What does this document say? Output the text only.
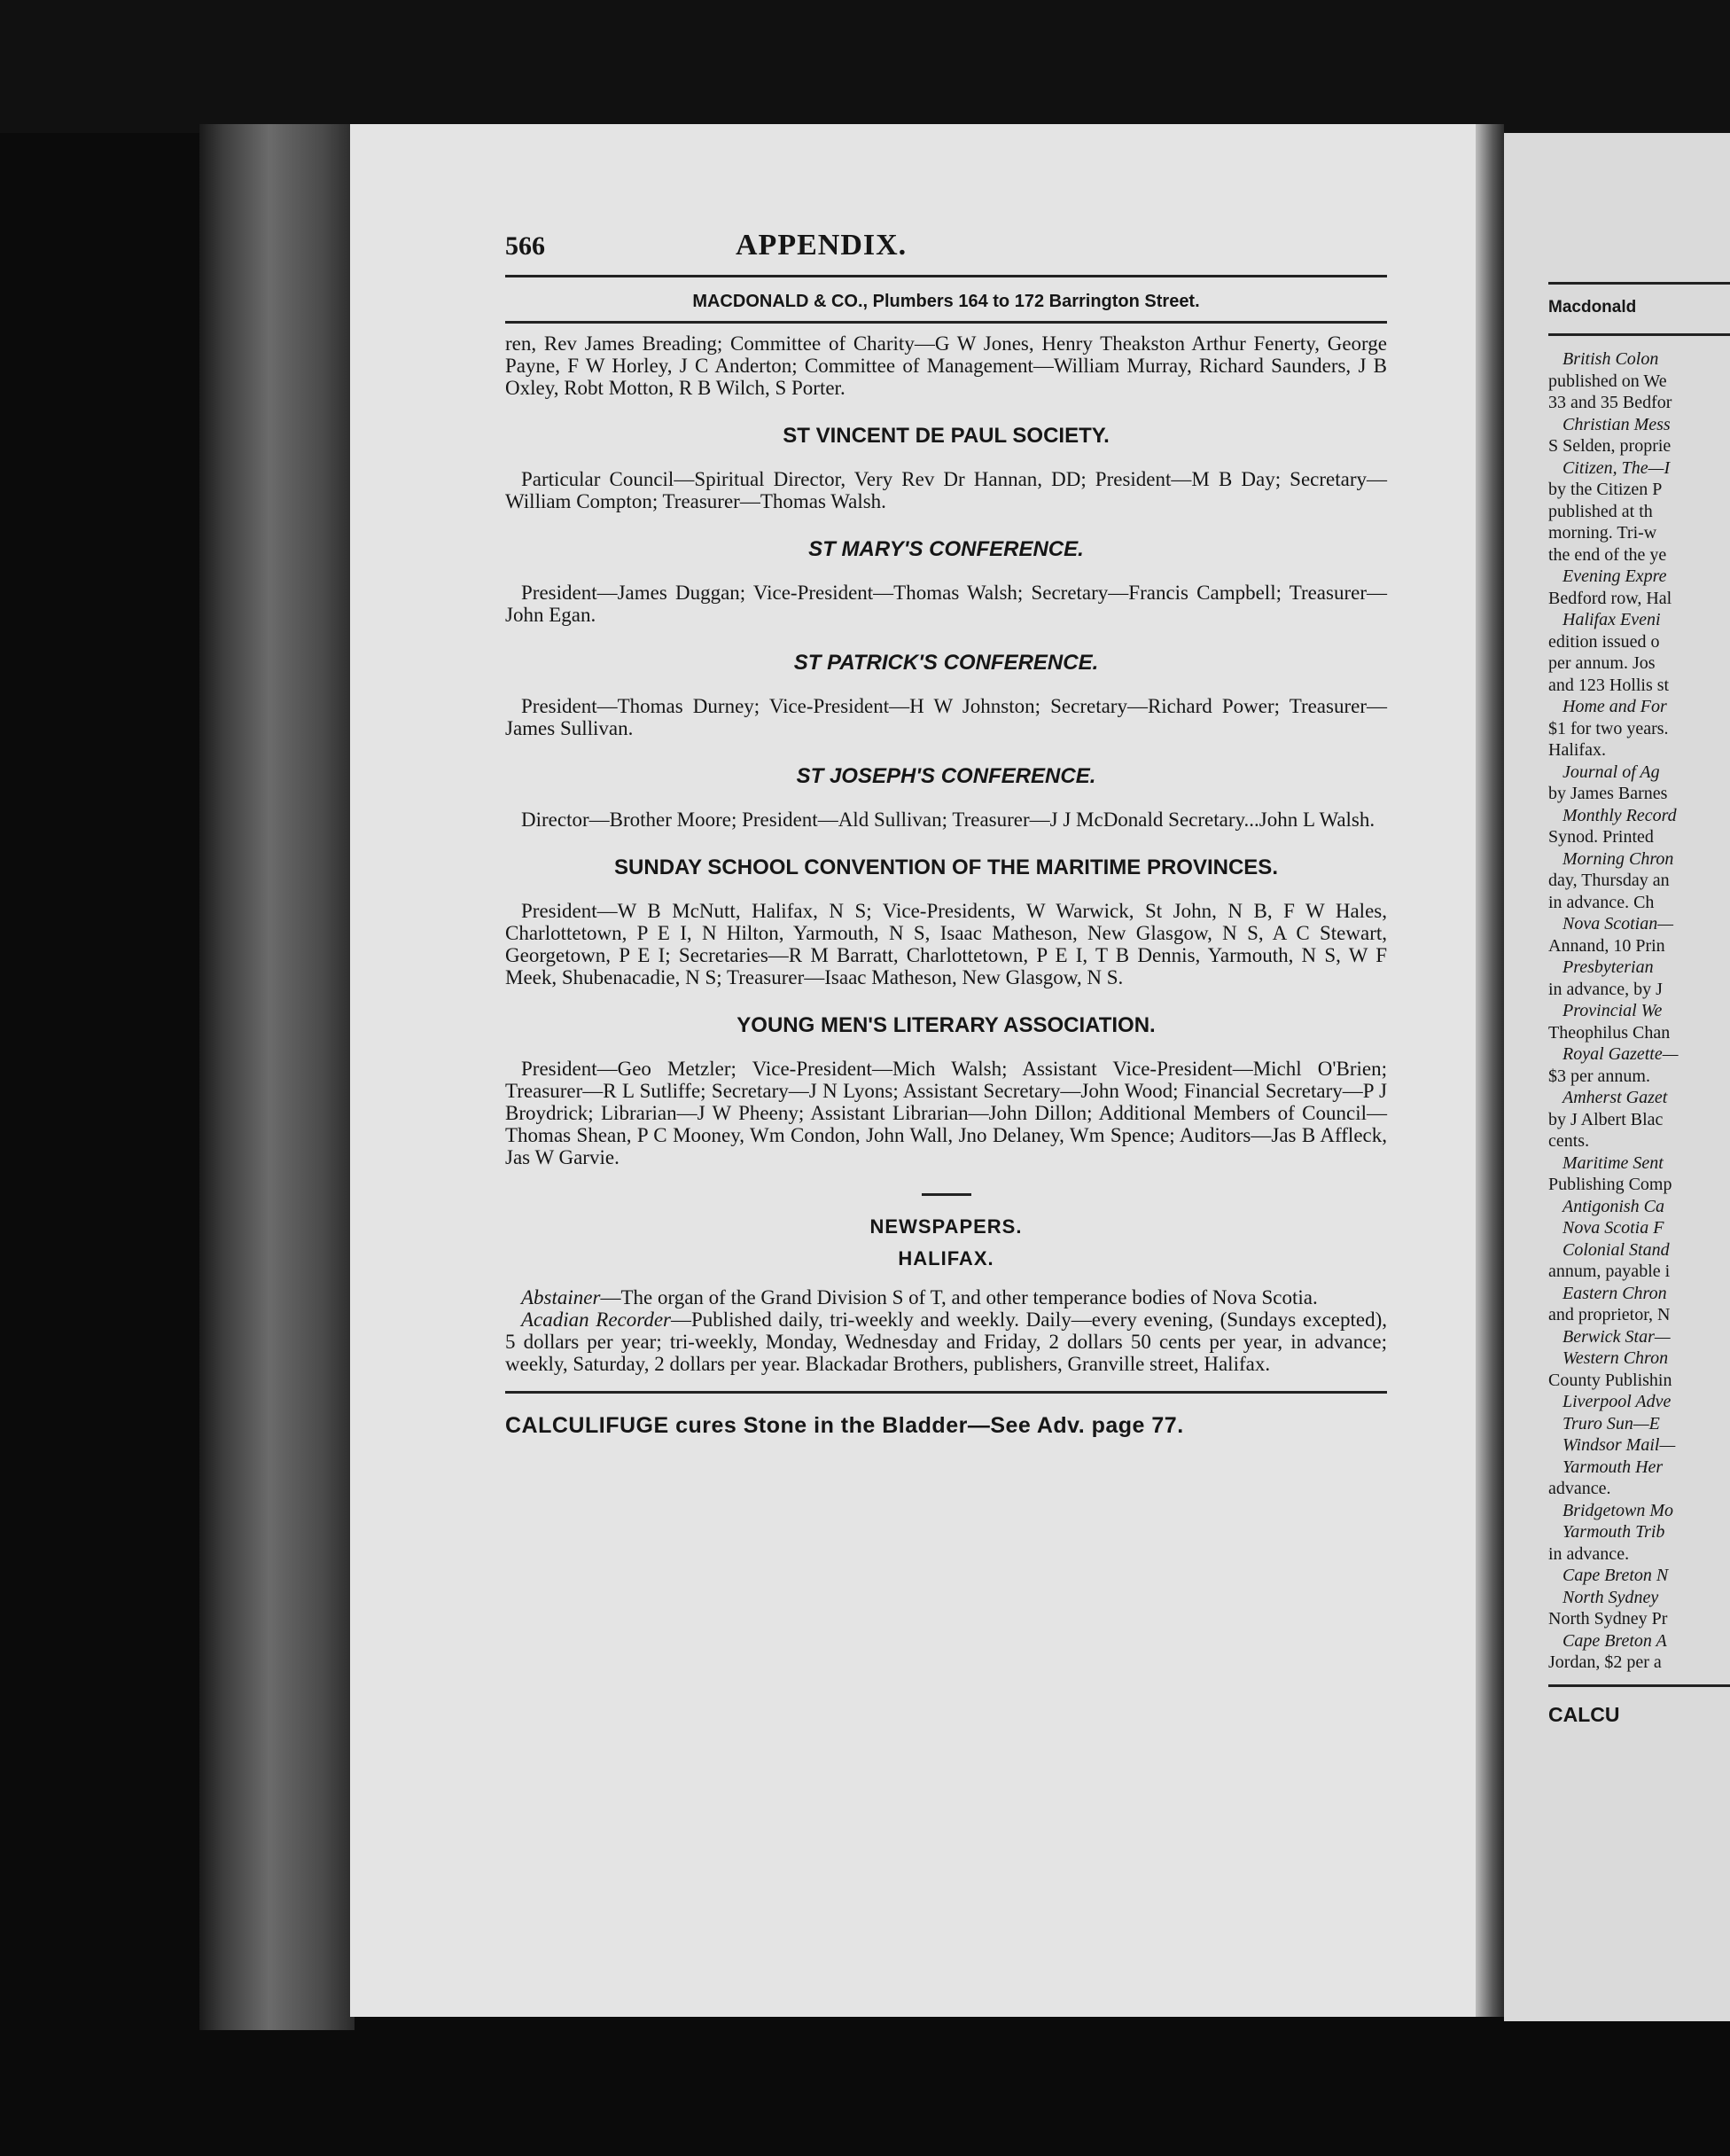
566	APPENDIX.
MACDONALD & CO., Plumbers 164 to 172 Barrington Street.

ren, Rev James Breading; Committee of Charity—G W Jones, Henry Theakston Arthur Fenerty, George Payne, F W Horley, J C Anderton; Committee of Management—William Murray, Richard Saunders, J B Oxley, Robt Motton, R B Wilch, S Porter.

ST VINCENT DE PAUL SOCIETY.

Particular Council—Spiritual Director, Very Rev Dr Hannan, DD; President—M B Day; Secretary—William Compton; Treasurer—Thomas Walsh.

ST MARY'S CONFERENCE.

President—James Duggan; Vice-President—Thomas Walsh; Secretary—Francis Campbell; Treasurer—John Egan.

ST PATRICK'S CONFERENCE.

President—Thomas Durney; Vice-President—H W Johnston; Secretary—Richard Power; Treasurer—James Sullivan.

ST JOSEPH'S CONFERENCE.

Director—Brother Moore; President—Ald Sullivan; Treasurer—J J McDonald Secretary...John L Walsh.

SUNDAY SCHOOL CONVENTION OF THE MARITIME PROVINCES.

President—W B McNutt, Halifax, N S; Vice-Presidents, W Warwick, St John, N B, F W Hales, Charlottetown, P E I, N Hilton, Yarmouth, N S, Isaac Matheson, New Glasgow, N S, A C Stewart, Georgetown, P E I; Secretaries—R M Barratt, Charlottetown, P E I, T B Dennis, Yarmouth, N S, W F Meek, Shubenacadie, N S; Treasurer—Isaac Matheson, New Glasgow, N S.

YOUNG MEN'S LITERARY ASSOCIATION.

President—Geo Metzler; Vice-President—Mich Walsh; Assistant Vice-President—Michl O'Brien; Treasurer—R L Sutliffe; Secretary—J N Lyons; Assistant Secretary—John Wood; Financial Secretary—P J Broydrick; Librarian—J W Pheeny; Assistant Librarian—John Dillon; Additional Members of Council—Thomas Shean, P C Mooney, Wm Condon, John Wall, Jno Delaney, Wm Spence; Auditors—Jas B Affleck, Jas W Garvie.

NEWSPAPERS.
HALIFAX.

Abstainer—The organ of the Grand Division S of T, and other temperance bodies of Nova Scotia.

Acadian Recorder—Published daily, tri-weekly and weekly. Daily—every evening, (Sundays excepted), 5 dollars per year; tri-weekly, Monday, Wednesday and Friday, 2 dollars 50 cents per year, in advance; weekly, Saturday, 2 dollars per year. Blackadar Brothers, publishers, Granville street, Halifax.

CALCULIFUGE cures Stone in the Bladder—See Adv. page 77.
Macdonald
British Colon
published on We
33 and 35 Bedfor
Christian Mess
S Selden, proprie
Citizen, The—I
by the Citizen P
published at th
morning. Tri-w
the end of the ye
Evening Expre
Bedford row, Hal
Halifax Eveni
edition issued o
per annum. Jos
and 123 Hollis st
Home and For
$1 for two years.
Halifax.
Journal of Ag
by James Barnes
Monthly Record
Synod. Printed
Morning Chron
day, Thursday an
in advance. Ch
Nova Scotian—
Annand, 10 Prin
Presbyterian
in advance, by J
Provincial We
Theophilus Chan
Royal Gazette—
$3 per annum.
Amherst Gazet
by J Albert Blac
cents.
Maritime Sent
Publishing Comp
Antigonish Ca
Nova Scotia F
Colonial Stand
annum, payable i
Eastern Chron
and proprietor, N
Berwick Star—
Western Chron
County Publishin
Liverpool Adve
Truro Sun—E
Windsor Mail—
Yarmouth Her
advance.
Bridgetown Mo
Yarmouth Trib
in advance.
Cape Breton N
North Sydney
North Sydney Pr
Cape Breton A
Jordan, $2 per a
CALCU
